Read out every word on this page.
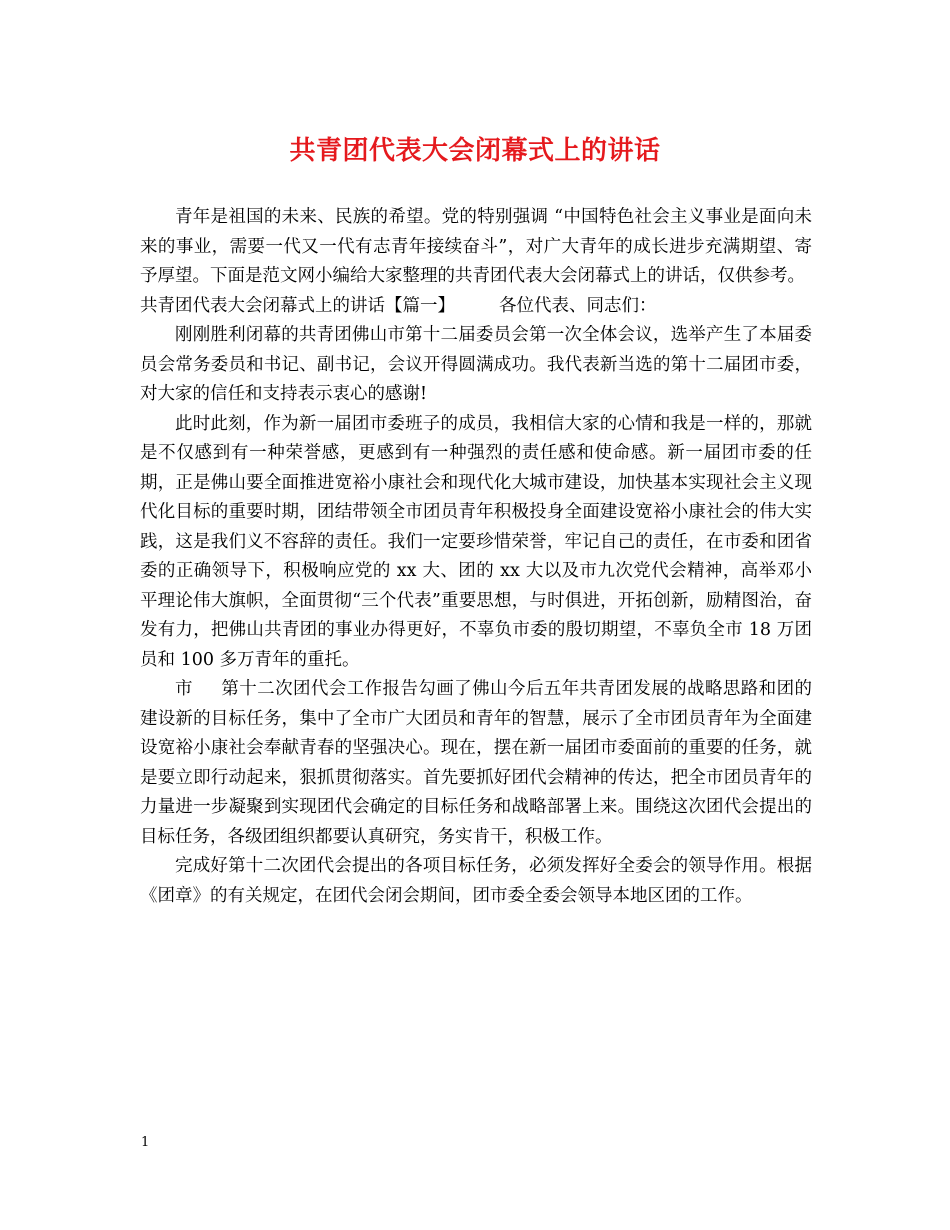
共青团代表大会闭幕式上的讲话

青年是祖国的未来、民族的希望。党的特别强调 “中国特色社会主义事业是面向未来的事业，需要一代又一代有志青年接续奋斗”，对广大青年的成长进步充满期望、寄予厚望。下面是范文网小编给大家整理的共青团代表大会闭幕式上的讲话，仅供参考。

共青团代表大会闭幕式上的讲话【篇一】	各位代表、同志们：

刚刚胜利闭幕的共青团佛山市第十二届委员会第一次全体会议，选举产生了本届委员会常务委员和书记、副书记，会议开得圆满成功。我代表新当选的第十二届团市委，对大家的信任和支持表示衷心的感谢!

此时此刻，作为新一届团市委班子的成员，我相信大家的心情和我是一样的，那就是不仅感到有一种荣誉感，更感到有一种强烈的责任感和使命感。新一届团市委的任期，正是佛山要全面推进宽裕小康社会和现代化大城市建设，加快基本实现社会主义现代化目标的重要时期，团结带领全市团员青年积极投身全面建设宽裕小康社会的伟大实践，这是我们义不容辞的责任。我们一定要珍惜荣誉，牢记自己的责任，在市委和团省委的正确领导下，积极响应党的 xx 大、团的 xx 大以及市九次党代会精神，高举邓小平理论伟大旗帜，全面贯彻“三个代表”重要思想，与时俱进，开拓创新，励精图治，奋发有力，把佛山共青团的事业办得更好，不辜负市委的殷切期望，不辜负全市 18 万团员和 100 多万青年的重托。

市 第十二次团代会工作报告勾画了佛山今后五年共青团发展的战略思路和团的建设新的目标任务，集中了全市广大团员和青年的智慧，展示了全市团员青年为全面建设宽裕小康社会奉献青春的坚强决心。现在，摆在新一届团市委面前的重要的任务，就是要立即行动起来，狠抓贯彻落实。首先要抓好团代会精神的传达，把全市团员青年的力量进一步凝聚到实现团代会确定的目标任务和战略部署上来。围绕这次团代会提出的目标任务，各级团组织都要认真研究，务实肯干，积极工作。

完成好第十二次团代会提出的各项目标任务，必须发挥好全委会的领导作用。根据《团章》的有关规定，在团代会闭会期间，团市委全委会领导本地区团的工作。

1
